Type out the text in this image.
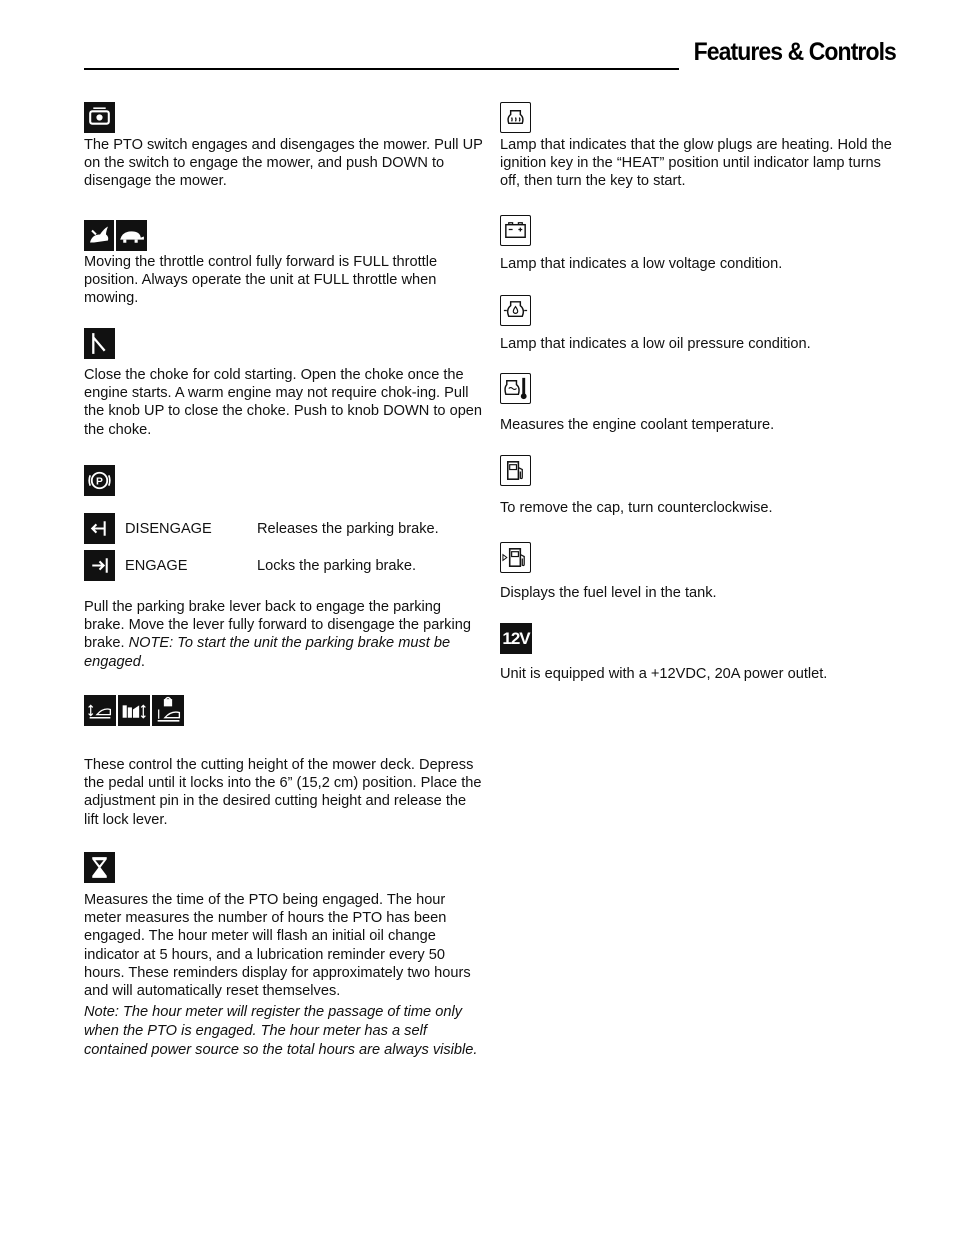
Features & Controls

The PTO switch engages and disengages the mower. Pull UP on the switch to engage the mower, and push DOWN to disengage the mower.

Moving the throttle control fully forward is FULL throttle position. Always operate the unit at FULL throttle when mowing.

Close the choke for cold starting. Open the choke once the engine starts. A warm engine may not require chok-ing. Pull the knob UP to close the choke. Push to knob DOWN to open the choke.

P
DISENGAGE	Releases the parking brake.
ENGAGE	Locks the parking brake.

Pull the parking brake lever back to engage the parking brake. Move the lever fully forward to disengage the parking brake. NOTE: To start the unit the parking brake must be engaged.

These control the cutting height of the mower deck. Depress the pedal until it locks into the 6” (15,2 cm) position. Place the adjustment pin in the desired cutting height and release the lift lock lever.

Measures the time of the PTO being engaged. The hour meter measures the number of hours the PTO has been engaged. The hour meter will flash an initial oil change indicator at 5 hours, and a lubrication reminder every 50 hours. These reminders display for approximately two hours and will automatically reset themselves.

Note: The hour meter will register the passage of time only when the PTO is engaged. The hour meter has a self contained power source so the total hours are always visible.

Lamp that indicates that the glow plugs are heating. Hold the ignition key in the “HEAT” position until indicator lamp turns off, then turn the key to start.

Lamp that indicates a low voltage condition.

Lamp that indicates a low oil pressure condition.

Measures the engine coolant temperature.

To remove the cap, turn counterclockwise.

Displays the fuel level in the tank.

12V

Unit is equipped with a +12VDC, 20A power outlet.
